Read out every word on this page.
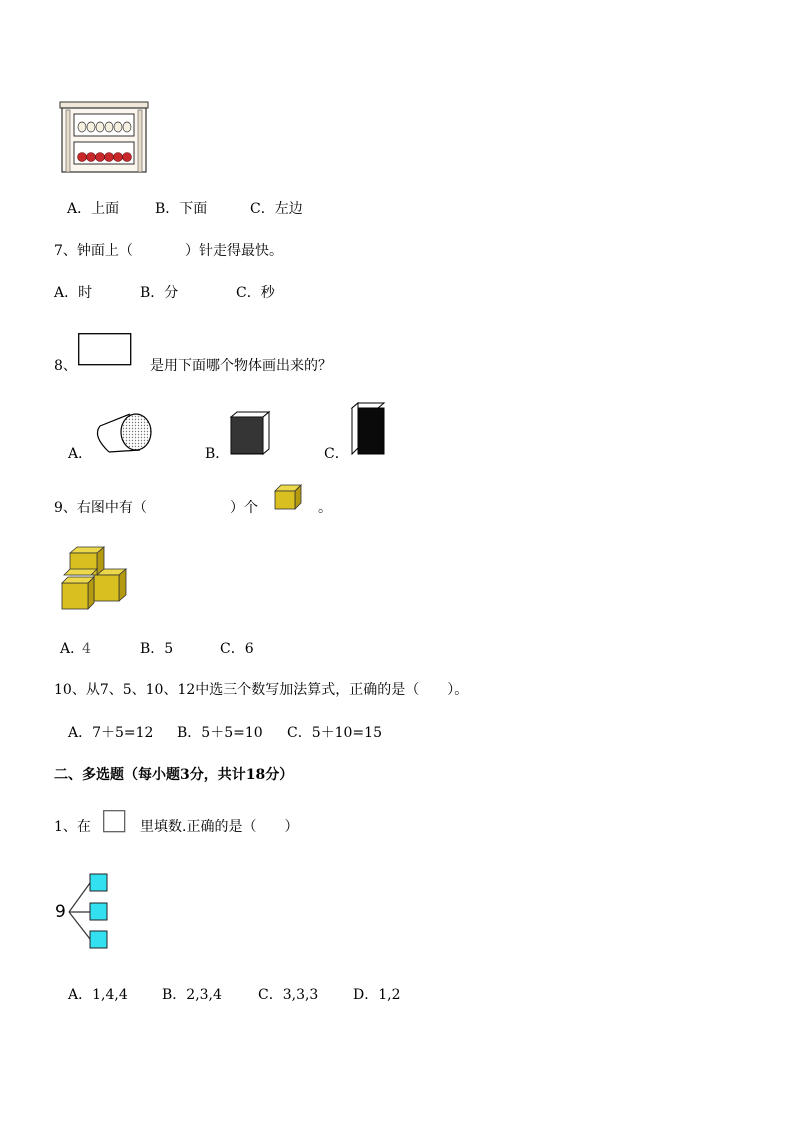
A．上面	B．下面	C．左边
7、钟面上（	）针走得最快。
A．时	B．分	C．秒
8、	是用下面哪个物体画出来的？
A．	B．	C．
9、右图中有（	）个	。
A．
4	B．5	C．6
10、从7、5、10、12中选三个数写加法算式，正确的是（　　）。
A．7＋5=12 B．5＋5=10 C．5＋10=15
二、多选题（每小题3分，共计18分）
1、在	里填数.正确的是（　　）
9
A．1,4,4 B．2,3,4	C．3,3,3 D．1,2
